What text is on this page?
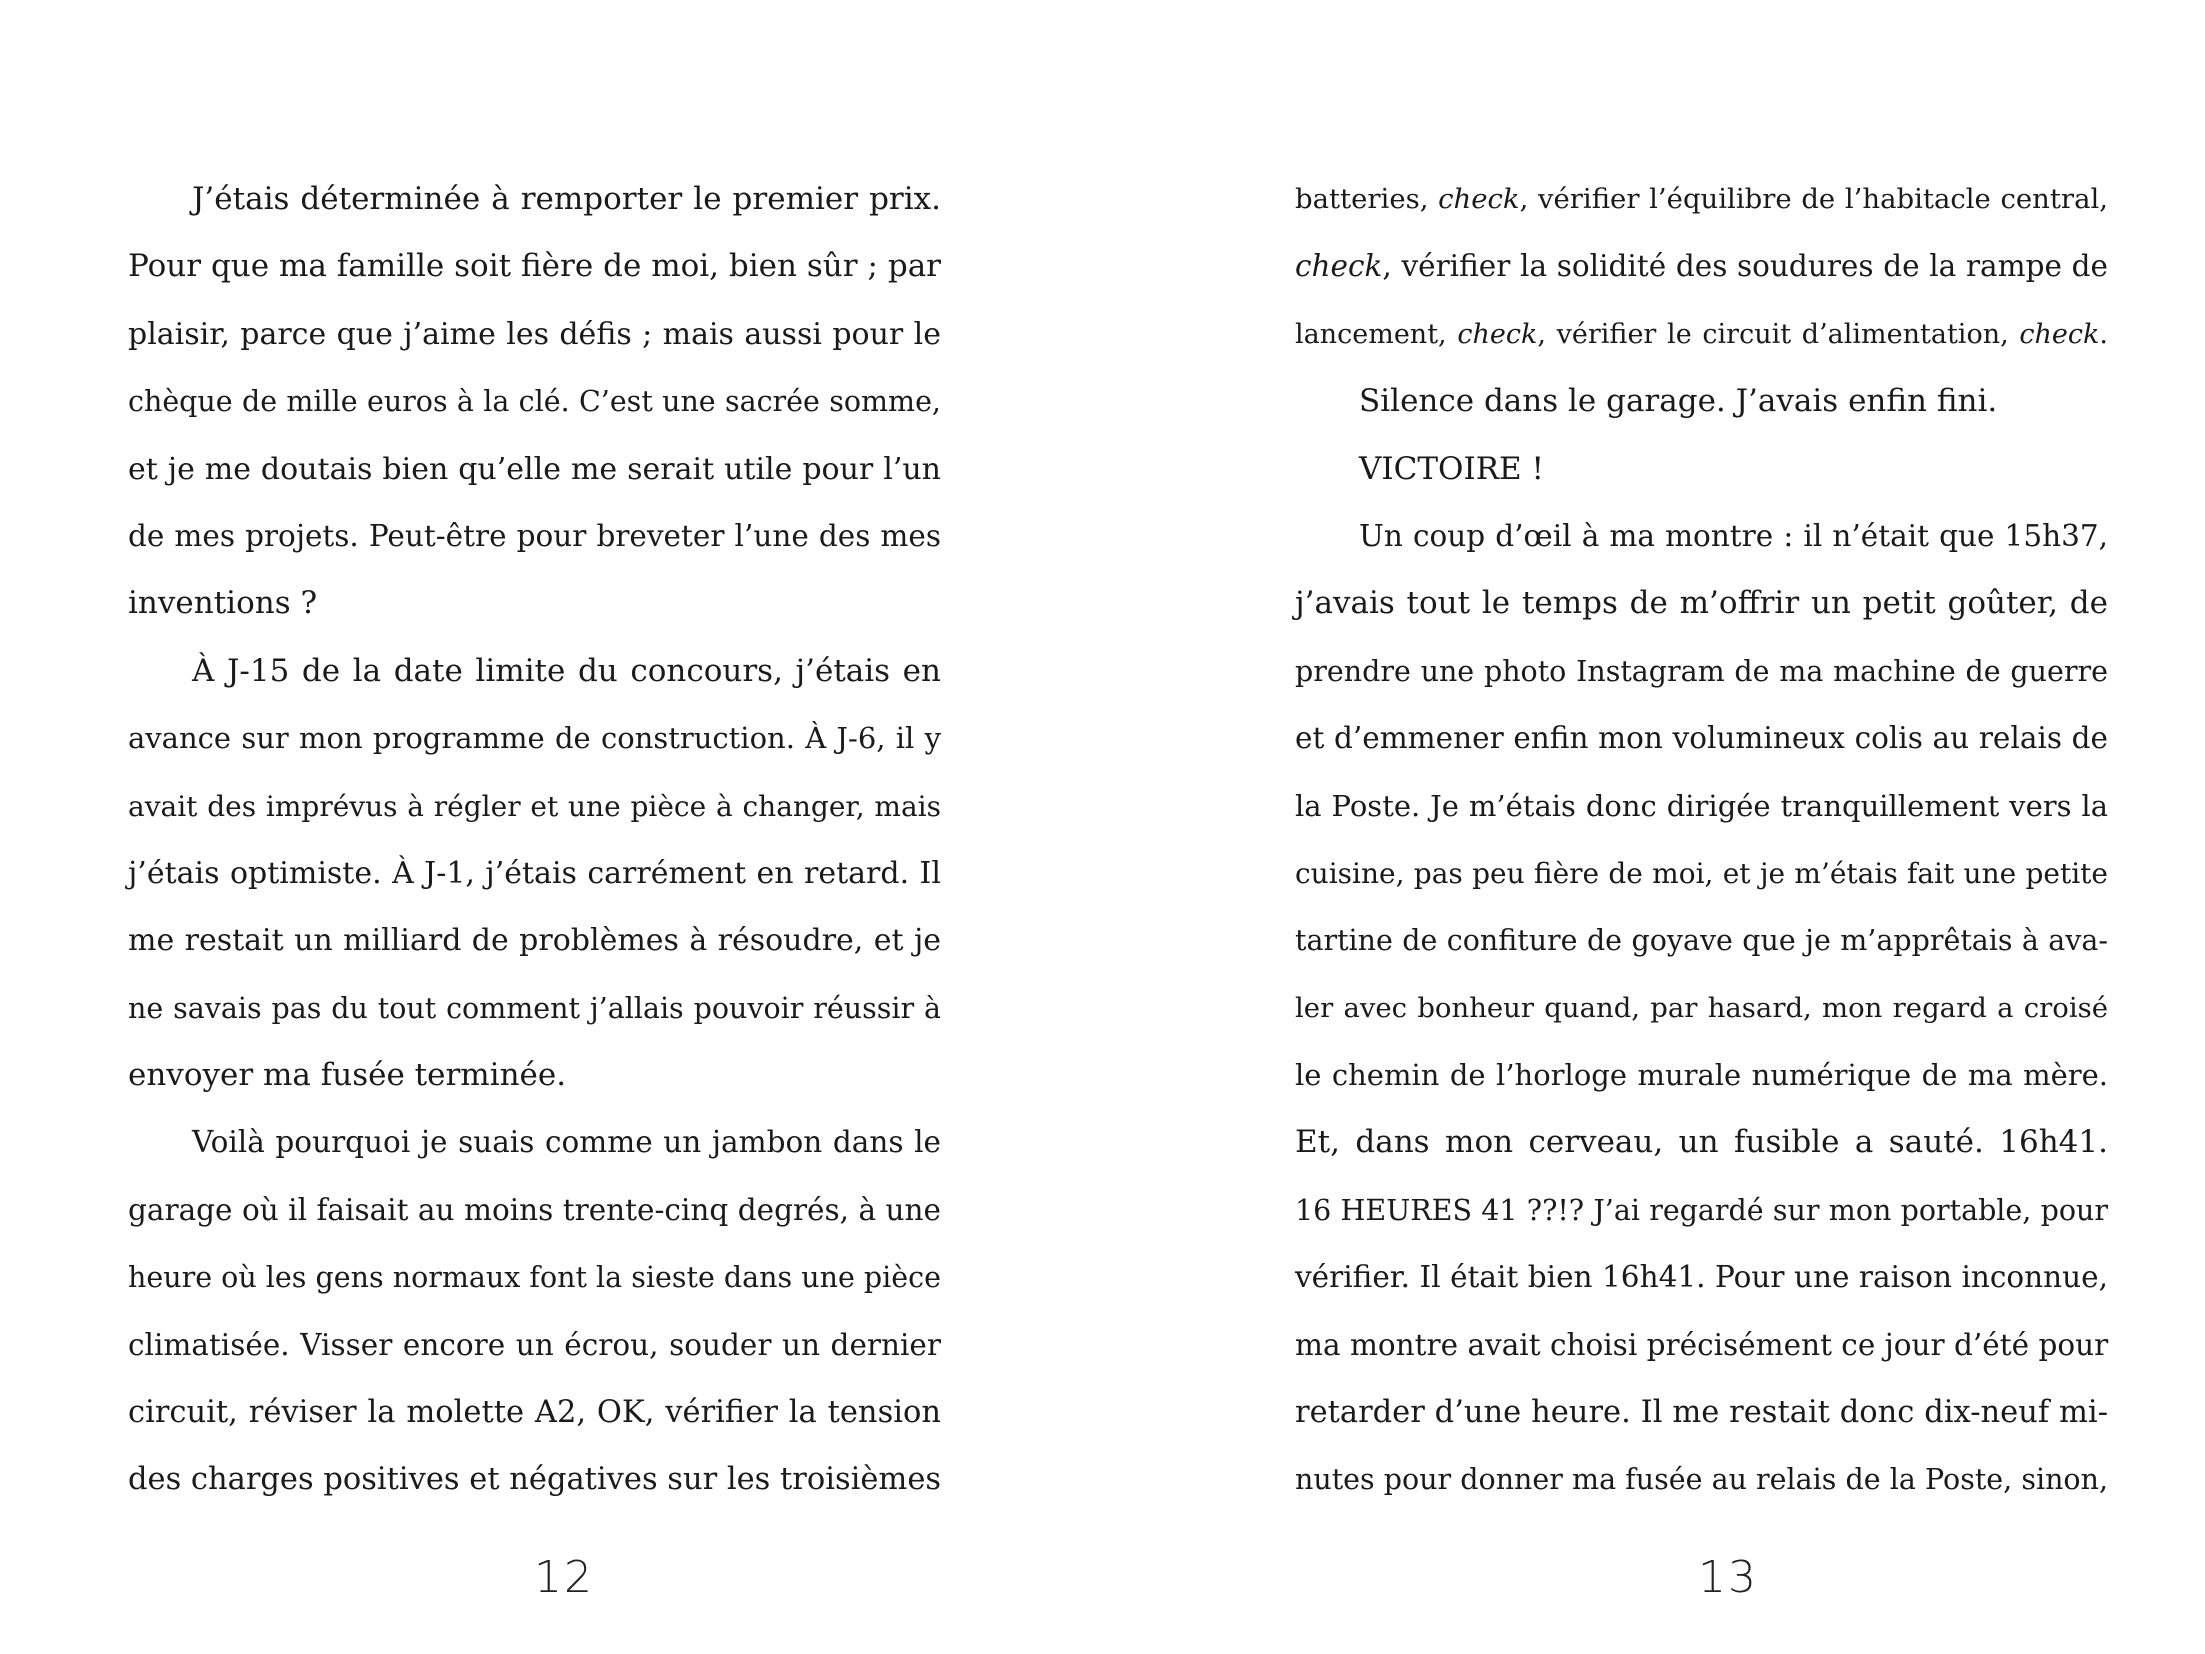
J’étais déterminée à remporter le premier prix.
Pour que ma famille soit fière de moi, bien sûr ; par
plaisir, parce que j’aime les défis ; mais aussi pour le
chèque de mille euros à la clé. C’est une sacrée somme,
et je me doutais bien qu’elle me serait utile pour l’un
de mes projets. Peut-être pour breveter l’une des mes
inventions ?
À J-15 de la date limite du concours, j’étais en
avance sur mon programme de construction. À J-6, il y
avait des imprévus à régler et une pièce à changer, mais
j’étais optimiste. À J-1, j’étais carrément en retard. Il
me restait un milliard de problèmes à résoudre, et je
ne savais pas du tout comment j’allais pouvoir réussir à
envoyer ma fusée terminée.
Voilà pourquoi je suais comme un jambon dans le
garage où il faisait au moins trente-cinq degrés, à une
heure où les gens normaux font la sieste dans une pièce
climatisée. Visser encore un écrou, souder un dernier
circuit, réviser la molette A2, OK, vérifier la tension
des charges positives et négatives sur les troisièmes
12
batteries, check, vérifier l’équilibre de l’habitacle central,
check, vérifier la solidité des soudures de la rampe de
lancement, check, vérifier le circuit d’alimentation, check.
Silence dans le garage. J’avais enfin fini.
VICTOIRE !
Un coup d’œil à ma montre : il n’était que 15h37,
j’avais tout le temps de m’offrir un petit goûter, de
prendre une photo Instagram de ma machine de guerre
et d’emmener enfin mon volumineux colis au relais de
la Poste. Je m’étais donc dirigée tranquillement vers la
cuisine, pas peu fière de moi, et je m’étais fait une petite
tartine de confiture de goyave que je m’apprêtais à ava-
ler avec bonheur quand, par hasard, mon regard a croisé
le chemin de l’horloge murale numérique de ma mère.
Et, dans mon cerveau, un fusible a sauté. 16h41.
16 HEURES 41 ??!? J’ai regardé sur mon portable, pour
vérifier. Il était bien 16h41. Pour une raison inconnue,
ma montre avait choisi précisément ce jour d’été pour
retarder d’une heure. Il me restait donc dix-neuf mi-
nutes pour donner ma fusée au relais de la Poste, sinon,
13
